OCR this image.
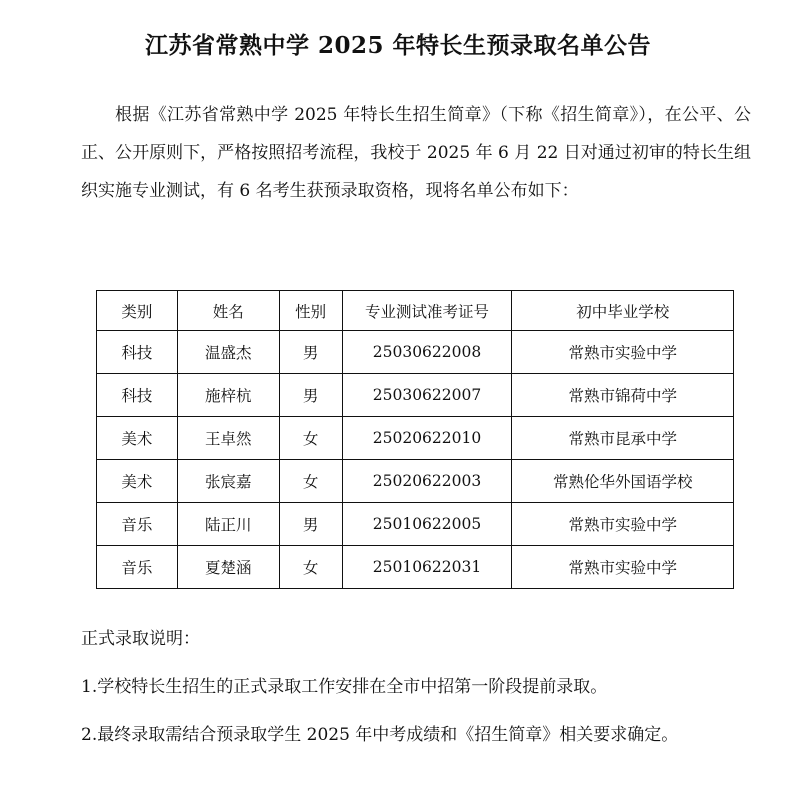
江苏省常熟中学 2025 年特长生预录取名单公告

根据《江苏省常熟中学 2025 年特长生招生简章》（下称《招生简章》），在公平、公正、公开原则下，严格按照招考流程，我校于 2025 年 6 月 22 日对通过初审的特长生组织实施专业测试，有 6 名考生获预录取资格，现将名单公布如下：

类别	姓名	性别	专业测试准考证号	初中毕业学校
科技	温盛杰	男	25030622008	常熟市实验中学
科技	施梓杭	男	25030622007	常熟市锦荷中学
美术	王卓然	女	25020622010	常熟市昆承中学
美术	张宸嘉	女	25020622003	常熟伦华外国语学校
音乐	陆正川	男	25010622005	常熟市实验中学
音乐	夏楚涵	女	25010622031	常熟市实验中学

正式录取说明：

1.学校特长生招生的正式录取工作安排在全市中招第一阶段提前录取。

2.最终录取需结合预录取学生 2025 年中考成绩和《招生简章》相关要求确定。
